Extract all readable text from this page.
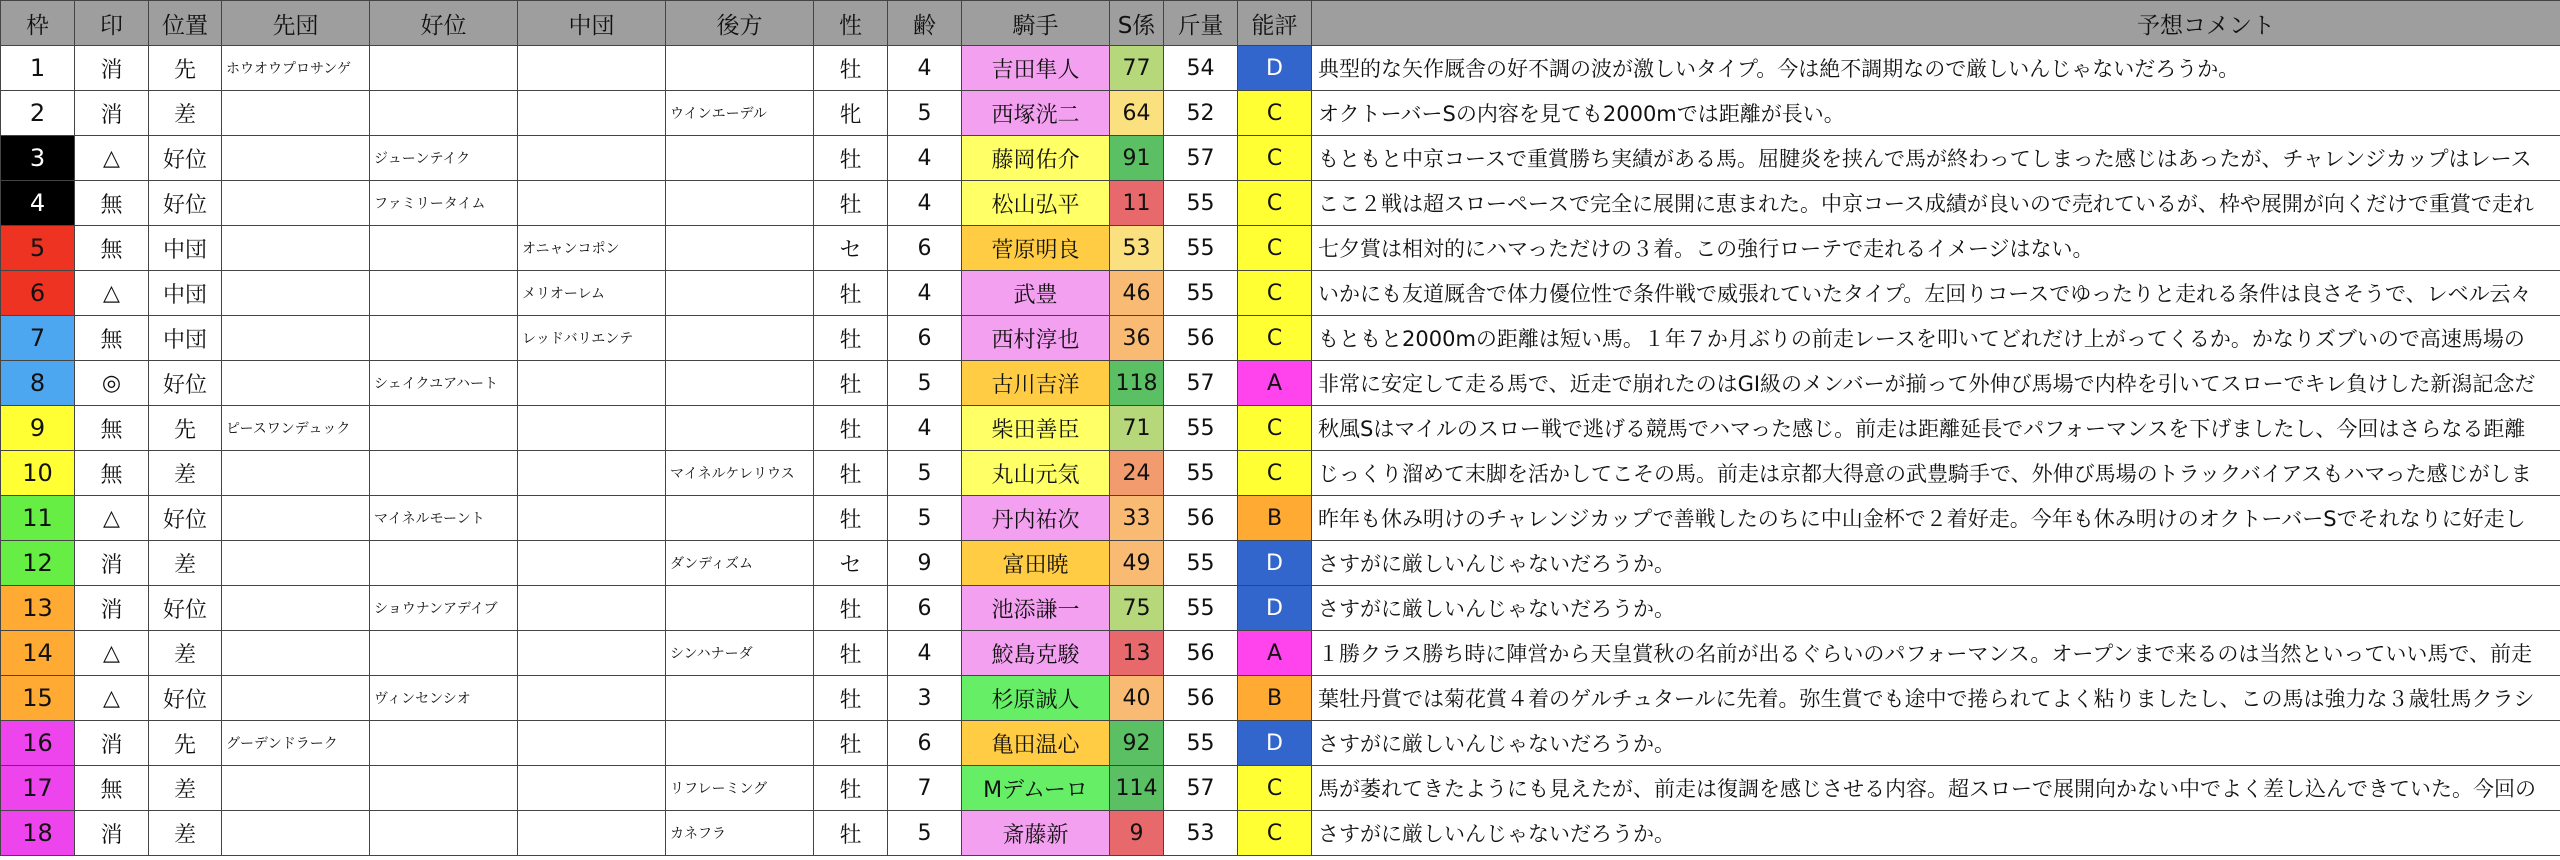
枠	印	位置	先団	好位	中団	後方	性	齢	騎手	S係	斤量	能評	予想コメント
1	消	先	ホウオウプロサンゲ				牡	4	吉田隼人	77	54	D	典型的な矢作厩舎の好不調の波が激しいタイプ。今は絶不調期なので厳しいんじゃないだろうか。
2	消	差				ウインエーデル	牝	5	西塚洸二	64	52	C	オクトーバーSの内容を見ても2000mでは距離が長い。
3	△	好位		ジューンテイク			牡	4	藤岡佑介	91	57	C	もともと中京コースで重賞勝ち実績がある馬。屈腱炎を挟んで馬が終わってしまった感じはあったが、チャレンジカップはレース
4	無	好位		ファミリータイム			牡	4	松山弘平	11	55	C	ここ２戦は超スローペースで完全に展開に恵まれた。中京コース成績が良いので売れているが、枠や展開が向くだけで重賞で走れ
5	無	中団			オニャンコポン		セ	6	菅原明良	53	55	C	七夕賞は相対的にハマっただけの３着。この強行ローテで走れるイメージはない。
6	△	中団			メリオーレム		牡	4	武豊	46	55	C	いかにも友道厩舎で体力優位性で条件戦で威張れていたタイプ。左回りコースでゆったりと走れる条件は良さそうで、レベル云々
7	無	中団			レッドバリエンテ		牡	6	西村淳也	36	56	C	もともと2000mの距離は短い馬。１年７か月ぶりの前走レースを叩いてどれだけ上がってくるか。かなりズブいので高速馬場の
8	◎	好位		シェイクユアハート			牡	5	古川吉洋	118	57	A	非常に安定して走る馬で、近走で崩れたのはGI級のメンバーが揃って外伸び馬場で内枠を引いてスローでキレ負けした新潟記念だ
9	無	先	ピースワンデュック				牡	4	柴田善臣	71	55	C	秋風Sはマイルのスロー戦で逃げる競馬でハマった感じ。前走は距離延長でパフォーマンスを下げましたし、今回はさらなる距離
10	無	差				マイネルケレリウス	牡	5	丸山元気	24	55	C	じっくり溜めて末脚を活かしてこその馬。前走は京都大得意の武豊騎手で、外伸び馬場のトラックバイアスもハマった感じがしま
11	△	好位		マイネルモーント			牡	5	丹内祐次	33	56	B	昨年も休み明けのチャレンジカップで善戦したのちに中山金杯で２着好走。今年も休み明けのオクトーバーSでそれなりに好走し
12	消	差				ダンディズム	セ	9	富田暁	49	55	D	さすがに厳しいんじゃないだろうか。
13	消	好位		ショウナンアデイブ			牡	6	池添謙一	75	55	D	さすがに厳しいんじゃないだろうか。
14	△	差				シンハナーダ	牡	4	鮫島克駿	13	56	A	１勝クラス勝ち時に陣営から天皇賞秋の名前が出るぐらいのパフォーマンス。オープンまで来るのは当然といっていい馬で、前走
15	△	好位		ヴィンセンシオ			牡	3	杉原誠人	40	56	B	葉牡丹賞では菊花賞４着のゲルチュタールに先着。弥生賞でも途中で捲られてよく粘りましたし、この馬は強力な３歳牡馬クラシ
16	消	先	グーデンドラーク				牡	6	亀田温心	92	55	D	さすがに厳しいんじゃないだろうか。
17	無	差				リフレーミング	牡	7	Mデムーロ	114	57	C	馬が萎れてきたようにも見えたが、前走は復調を感じさせる内容。超スローで展開向かない中でよく差し込んできていた。今回の
18	消	差				カネフラ	牡	5	斎藤新	9	53	C	さすがに厳しいんじゃないだろうか。
